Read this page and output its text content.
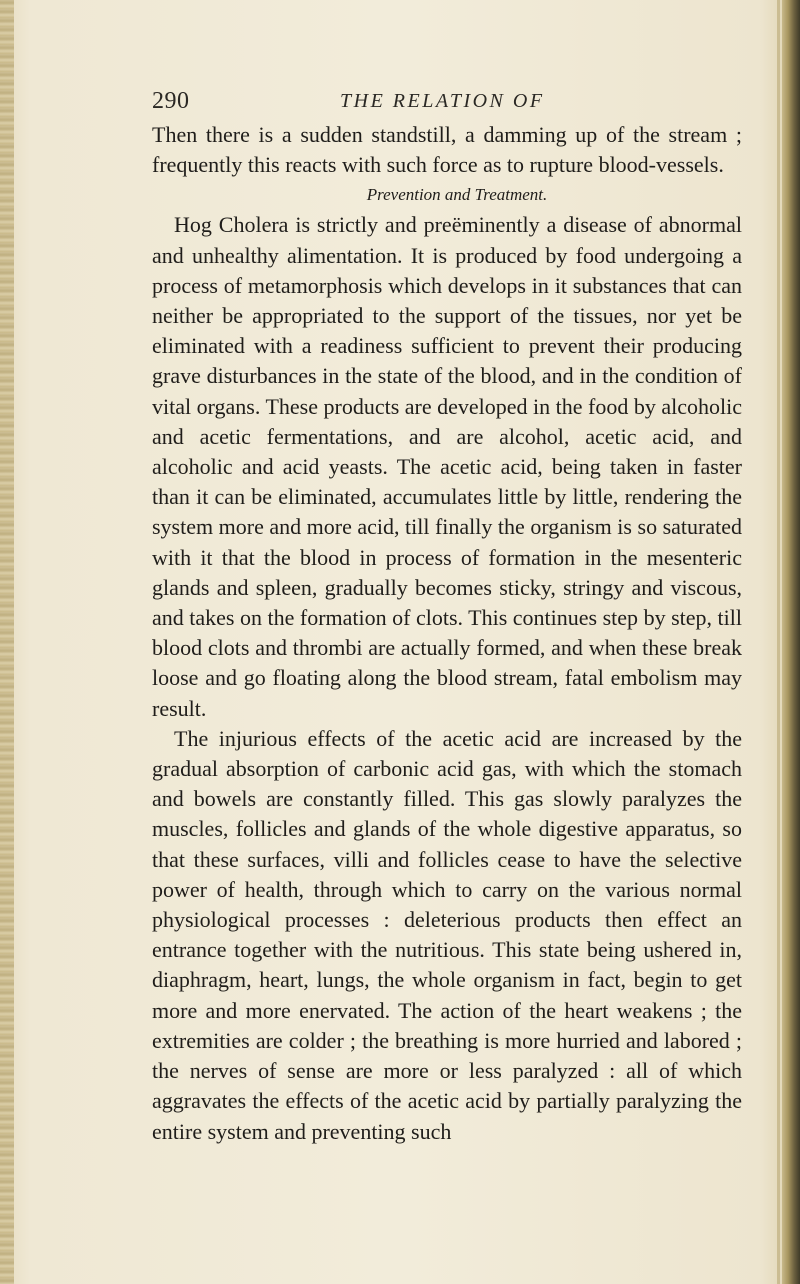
290	THE RELATION OF

Then there is a sudden standstill, a damming up of the stream ; frequently this reacts with such force as to rupture blood-vessels.

Prevention and Treatment.

Hog Cholera is strictly and preëminently a disease of abnormal and unhealthy alimentation. It is produced by food undergoing a process of metamorphosis which develops in it substances that can neither be appropriated to the support of the tissues, nor yet be eliminated with a readiness sufficient to prevent their producing grave disturbances in the state of the blood, and in the condition of vital organs. These products are developed in the food by alcoholic and acetic fermentations, and are alcohol, acetic acid, and alcoholic and acid yeasts. The acetic acid, being taken in faster than it can be eliminated, accumulates little by little, rendering the system more and more acid, till finally the organism is so saturated with it that the blood in process of formation in the mesenteric glands and spleen, gradually becomes sticky, stringy and viscous, and takes on the formation of clots. This continues step by step, till blood clots and thrombi are actually formed, and when these break loose and go floating along the blood stream, fatal embolism may result.

The injurious effects of the acetic acid are increased by the gradual absorption of carbonic acid gas, with which the stomach and bowels are constantly filled. This gas slowly paralyzes the muscles, follicles and glands of the whole digestive apparatus, so that these surfaces, villi and follicles cease to have the selective power of health, through which to carry on the various normal physiological processes : deleterious products then effect an entrance together with the nutritious. This state being ushered in, diaphragm, heart, lungs, the whole organism in fact, begin to get more and more enervated. The action of the heart weakens ; the extremities are colder ; the breathing is more hurried and labored ; the nerves of sense are more or less paralyzed : all of which aggravates the effects of the acetic acid by partially paralyzing the entire system and preventing such
